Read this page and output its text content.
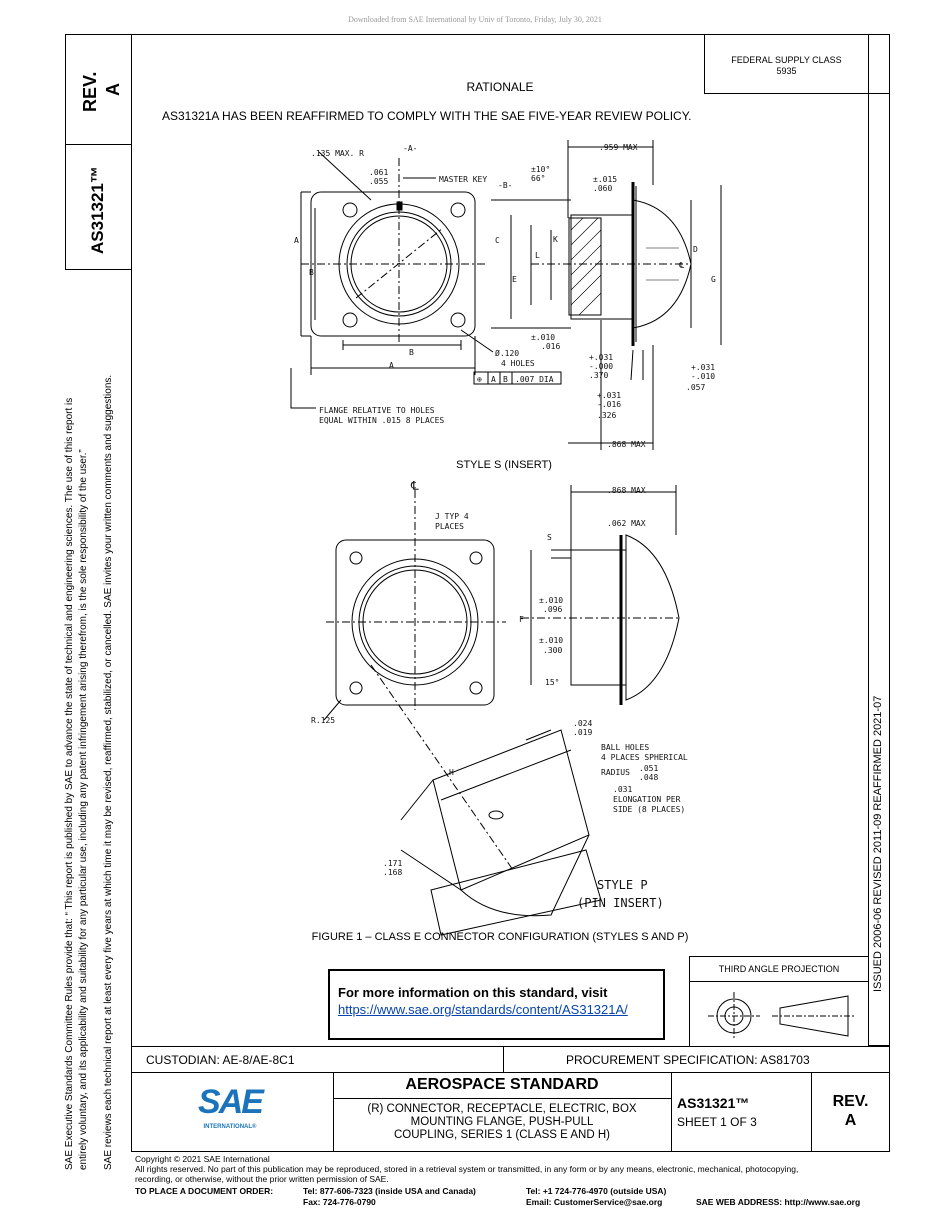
Downloaded from SAE International by Univ of Toronto, Friday, July 30, 2021
REV. A
AS31321™
SAE Executive Standards Committee Rules provide that: “ This report is published by SAE to advance the state of technical and engineering sciences. The use of this report is entirely voluntary, and its applicability and suitability for any particular use, including any patent infringement arising therefrom, is the sole responsibility of the user.” SAE reviews each technical report at least every five years at which time it may be revised, reaffirmed, stabilized, or cancelled. SAE invites your written comments and suggestions.	ISSUED 2006-06 REVISED 2011-09 REAFFIRMED 2021-07
FEDERAL SUPPLY CLASS
5935
RATIONALE
AS31321A HAS BEEN REAFFIRMED TO COMPLY WITH THE SAE FIVE-YEAR REVIEW POLICY.
.135 MAX. R
-A-
.061
.055	MASTER KEY
-B-
±10°
66°	±.015
.060
.959 MAX
A
B
B
A
C
E
K
L
D
G
℄
±.010
.016
Ø.120
4 HOLES
⊕ A B .007 DIA
+.031
-.000
.370
+.031
-.010
.057
+.031
-.016
.326
.868 MAX
FLANGE RELATIVE TO HOLES
EQUAL WITHIN .015 8 PLACES
℄
J TYP 4
PLACES
.868 MAX
.062 MAX
S
±.010
.096
F
±.010
.300
15°
R.125	.024
.019
BALL HOLES
4 PLACES SPHERICAL
RADIUS .051
.048
.031
ELONGATION PER
SIDE (8 PLACES)
H
.171
.168
STYLE P
(PIN INSERT)
STYLE S (INSERT)
FIGURE 1 – CLASS E CONNECTOR CONFIGURATION (STYLES S AND P)
For more information on this standard, visit
https://www.sae.org/standards/content/AS31321A/
THIRD ANGLE PROJECTION
CUSTODIAN: AE-8/AE-8C1	PROCUREMENT SPECIFICATION: AS81703
SAE
INTERNATIONAL®
AEROSPACE STANDARD
(R) CONNECTOR, RECEPTACLE, ELECTRIC, BOX
MOUNTING FLANGE, PUSH-PULL
COUPLING, SERIES 1 (CLASS E AND H)
AS31321™
SHEET 1 OF 3
REV.
A
Copyright © 2021 SAE International
All rights reserved. No part of this publication may be reproduced, stored in a retrieval system or transmitted, in any form or by any means, electronic, mechanical, photocopying,
recording, or otherwise, without the prior written permission of SAE.
TO PLACE A DOCUMENT ORDER:	Tel: 877-606-7323 (inside USA and Canada)
Fax: 724-776-0790
Tel: +1 724-776-4970 (outside USA)
Email: CustomerService@sae.org	SAE WEB ADDRESS: http://www.sae.org
